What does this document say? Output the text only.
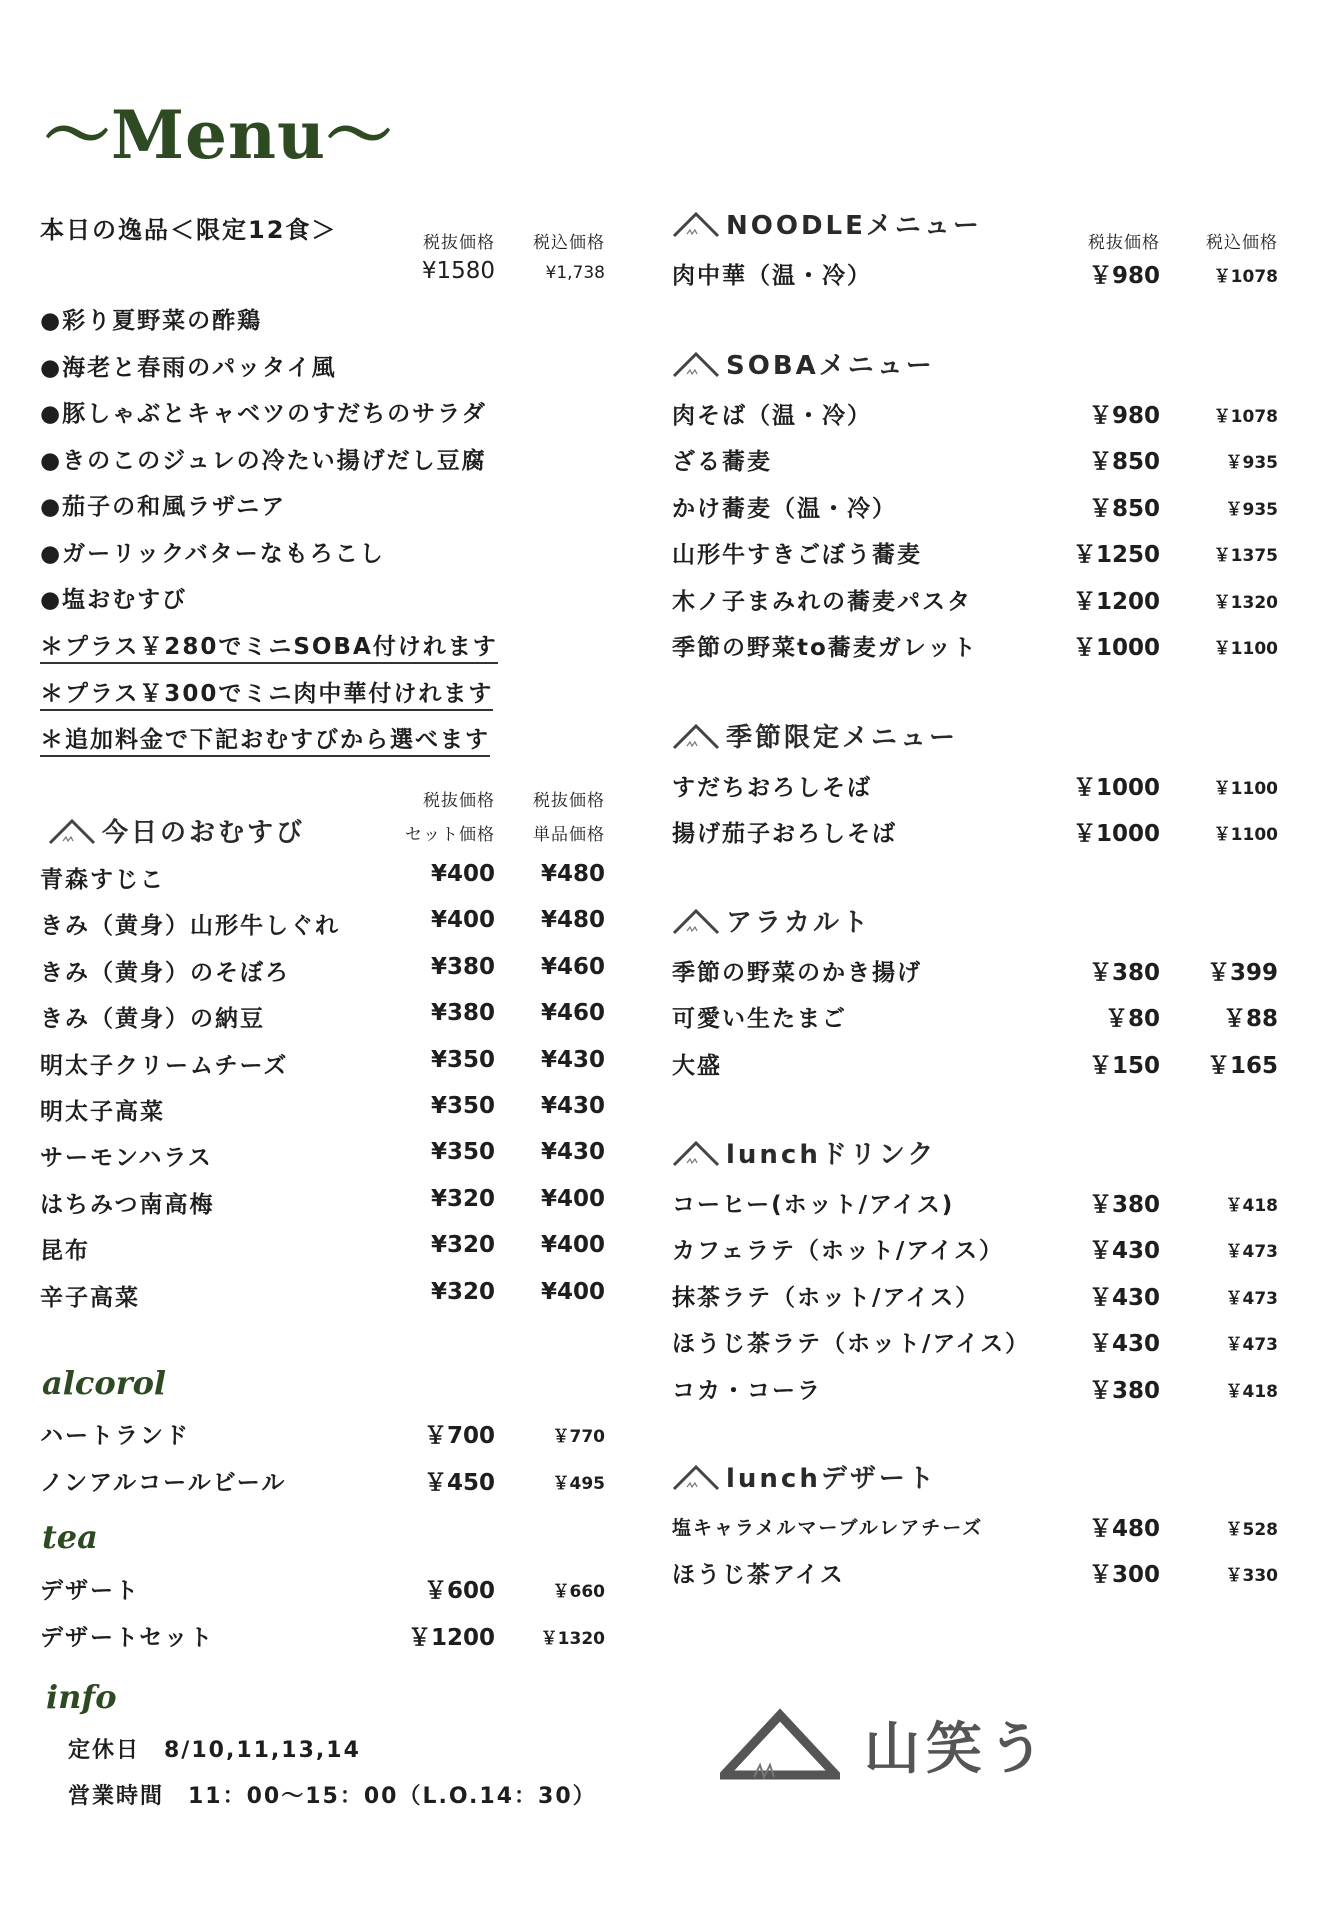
〜Menu〜
本日の逸品＜限定12食＞	税抜価格 税込価格
¥1580	¥1,738
●彩り夏野菜の酢鶏
●海老と春雨のパッタイ風
●豚しゃぶとキャベツのすだちのサラダ
●きのこのジュレの冷たい揚げだし豆腐
●茄子の和風ラザニア
●ガーリックバターなもろこし
●塩おむすび
＊プラス￥280でミニSOBA付けれます
＊プラス￥300でミニ肉中華付けれます
＊追加料金で下記おむすびから選べます
税抜価格 税抜価格
セット価格 単品価格
今日のおむすび
青森すじこ	¥400 ¥480
きみ（黄身）山形牛しぐれ	¥400 ¥480
きみ（黄身）のそぼろ	¥380 ¥460
きみ（黄身）の納豆	¥380 ¥460
明太子クリームチーズ	¥350 ¥430
明太子高菜	¥350 ¥430
サーモンハラス	¥350 ¥430
はちみつ南高梅	¥320 ¥400
昆布	¥320 ¥400
辛子高菜	¥320 ¥400
alcorol
ハートランド	￥700	￥770
ノンアルコールビール	￥450	￥495
tea
デザート	￥600	￥660
デザートセット	￥1200	￥1320
info
定休日　8/10,11,13,14
営業時間　11：00〜15：00（L.O.14：30）
税抜価格	税込価格
NOODLEメニュー
肉中華（温・冷）	￥980	￥1078
SOBAメニュー
肉そば（温・冷）	￥980	￥1078
ざる蕎麦	￥850	￥935
かけ蕎麦（温・冷）	￥850	￥935
山形牛すきごぼう蕎麦	￥1250	￥1375
木ノ子まみれの蕎麦パスタ	￥1200	￥1320
季節の野菜to蕎麦ガレット	￥1000	￥1100
季節限定メニュー
すだちおろしそば	￥1000	￥1100
揚げ茄子おろしそば	￥1000	￥1100
アラカルト
季節の野菜のかき揚げ	￥380 ￥399
可愛い生たまご	￥80	￥88
大盛	￥150 ￥165
lunchドリンク
コーヒー(ホット/アイス)	￥380	￥418
カフェラテ（ホット/アイス）	￥430	￥473
抹茶ラテ（ホット/アイス）	￥430	￥473
ほうじ茶ラテ（ホット/アイス）	￥430	￥473
コカ・コーラ	￥380	￥418
lunchデザート
塩キャラメルマーブルレアチーズ	￥480	￥528
ほうじ茶アイス	￥300	￥330
山笑う
